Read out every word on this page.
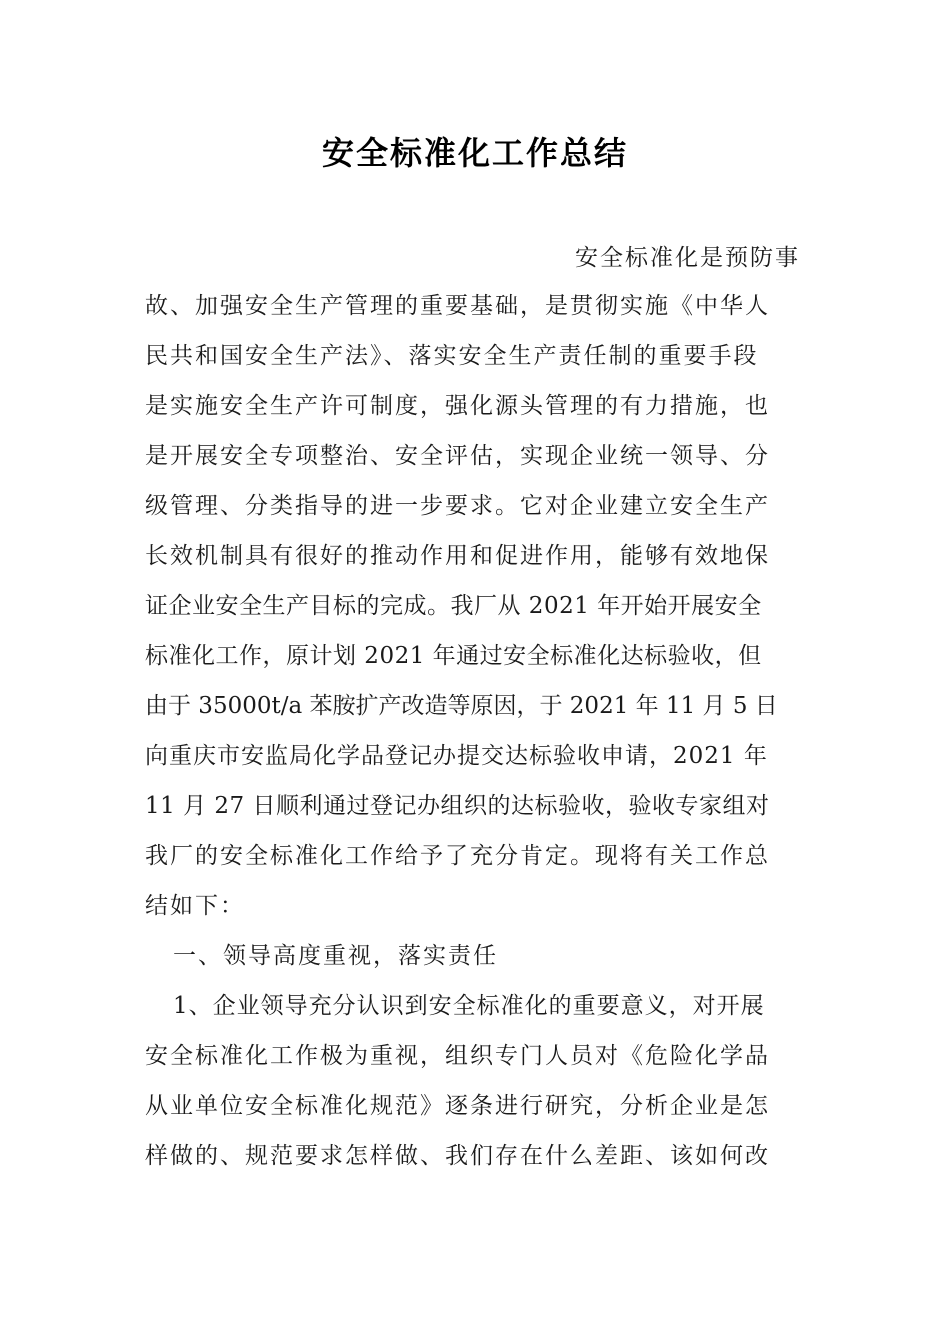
安全标准化工作总结
安全标准化是预防事
故、加强安全生产管理的重要基础，是贯彻实施《中华人
民共和国安全生产法》、落实安全生产责任制的重要手段
是实施安全生产许可制度，强化源头管理的有力措施，也
是开展安全专项整治、安全评估，实现企业统一领导、分
级管理、分类指导的进一步要求。它对企业建立安全生产
长效机制具有很好的推动作用和促进作用，能够有效地保
证企业安全生产目标的完成。我厂从 2021 年开始开展安全
标准化工作，原计划 2021 年通过安全标准化达标验收，但
由于 35000t/a 苯胺扩产改造等原因，于 2021 年 11 月 5 日
向重庆市安监局化学品登记办提交达标验收申请，2021 年
11 月 27 日顺利通过登记办组织的达标验收，验收专家组对
我厂的安全标准化工作给予了充分肯定。现将有关工作总
结如下：
一、领导高度重视，落实责任
1、企业领导充分认识到安全标准化的重要意义，对开展
安全标准化工作极为重视，组织专门人员对《危险化学品
从业单位安全标准化规范》逐条进行研究，分析企业是怎
样做的、规范要求怎样做、我们存在什么差距、该如何改
